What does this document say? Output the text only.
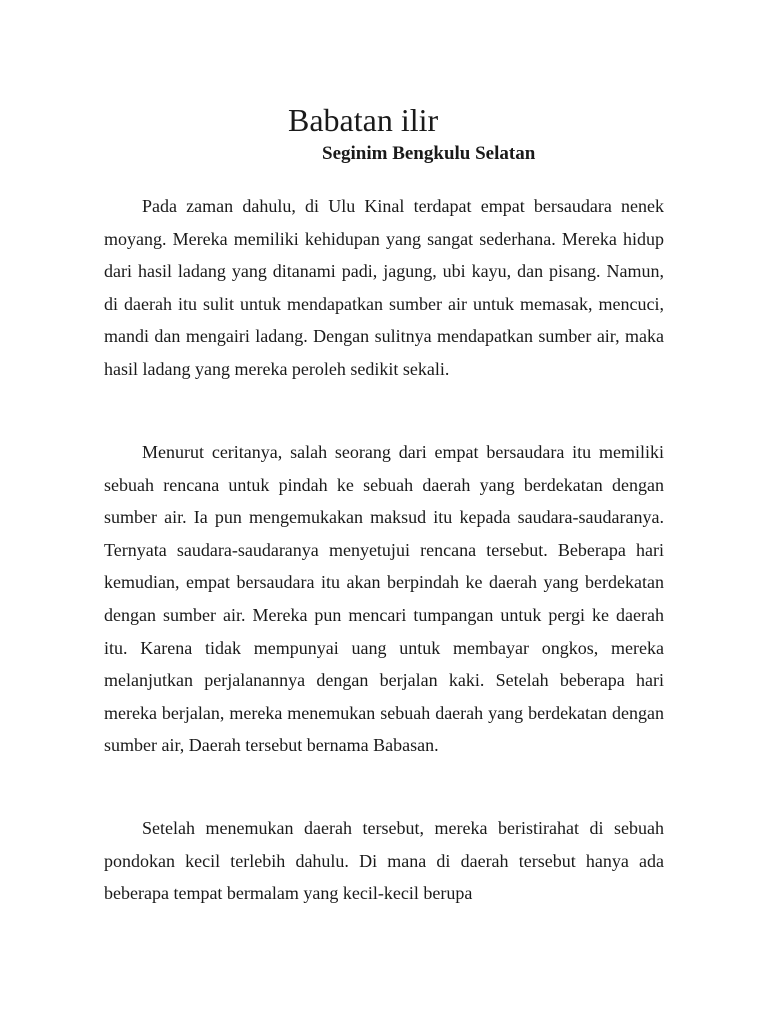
Babatan ilir
Seginim Bengkulu Selatan

Pada zaman dahulu, di Ulu Kinal terdapat empat bersaudara nenek moyang. Mereka memiliki kehidupan yang sangat sederhana. Mereka hidup dari hasil ladang yang ditanami padi, jagung, ubi kayu, dan pisang. Namun, di daerah itu sulit untuk mendapatkan sumber air untuk memasak, mencuci, mandi dan mengairi ladang. Dengan sulitnya mendapatkan sumber air, maka hasil ladang yang mereka peroleh sedikit sekali.

Menurut ceritanya, salah seorang dari empat bersaudara itu memiliki sebuah rencana untuk pindah ke sebuah daerah yang berdekatan dengan sumber air. Ia pun mengemukakan maksud itu kepada saudara-saudaranya. Ternyata saudara-saudaranya menyetujui rencana tersebut. Beberapa hari kemudian, empat bersaudara itu akan berpindah ke daerah yang berdekatan dengan sumber air. Mereka pun mencari tumpangan untuk pergi ke daerah itu. Karena tidak mempunyai uang untuk membayar ongkos, mereka melanjutkan perjalanannya dengan berjalan kaki. Setelah beberapa hari mereka berjalan, mereka menemukan sebuah daerah yang berdekatan dengan sumber air, Daerah tersebut bernama Babasan.

Setelah menemukan daerah tersebut, mereka beristirahat di sebuah pondokan kecil terlebih dahulu. Di mana di daerah tersebut hanya ada beberapa tempat bermalam yang kecil-kecil berupa
